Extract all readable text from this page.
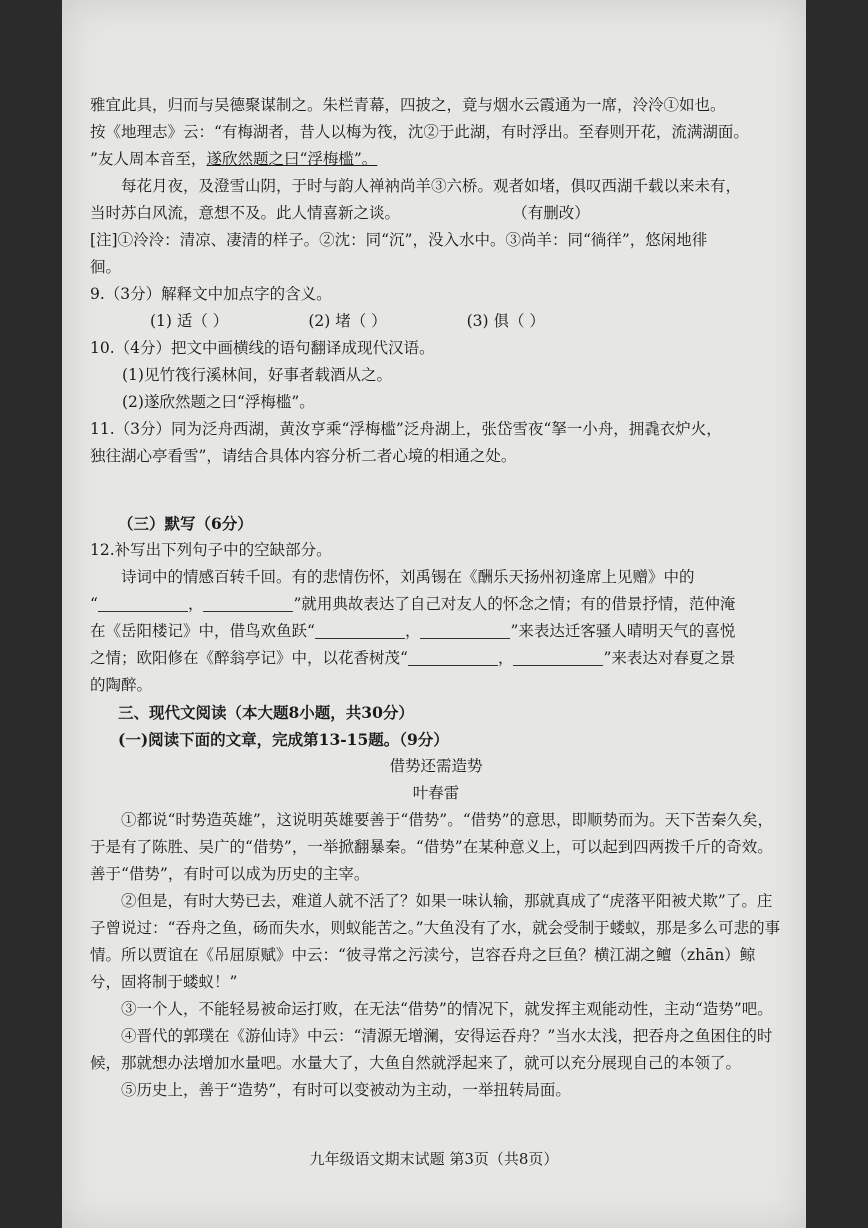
雅宜此具，归而与吴德聚谋制之。朱栏青幕，四披之，竟与烟水云霞通为一席，泠泠①如也。

按《地理志》云：“有梅湖者，昔人以梅为筏，沈②于此湖，有时浮出。至春则开花，流满湖面。

”友人周本音至，遂欣然题之曰“浮梅槛”。

每花月夜，及澄雪山阴，于时与韵人禅衲尚羊③六桥。观者如堵，俱叹西湖千载以来未有，

当时苏白风流，意想不及。此人情喜新之谈。	（有删改）

[注]①泠泠：清凉、凄清的样子。②沈：同“沉”，没入水中。③尚羊：同“徜徉”，悠闲地徘

徊。

9.（3分）解释文中加点字的含义。

(1) 适（ ）	(2) 堵（ ）	(3) 俱（ ）

10.（4分）把文中画横线的语句翻译成现代汉语。

(1)见竹筏行溪林间，好事者载酒从之。

(2)遂欣然题之曰“浮梅槛”。

11.（3分）同为泛舟西湖，黄汝亨乘“浮梅槛”泛舟湖上，张岱雪夜“拏一小舟，拥毳衣炉火，

独往湖心亭看雪”，请结合具体内容分析二者心境的相通之处。

（三）默写（6分）

12.补写出下列句子中的空缺部分。

诗词中的情感百转千回。有的悲情伤怀，刘禹锡在《酬乐天扬州初逢席上见赠》中的

“	，	”就用典故表达了自己对友人的怀念之情；有的借景抒情，范仲淹

在《岳阳楼记》中，借鸟欢鱼跃“	，	”来表达迁客骚人晴明天气的喜悦

之情；欧阳修在《醉翁亭记》中，以花香树茂“	，	”来表达对春夏之景

的陶醉。

三、现代文阅读（本大题8小题，共30分）

(一)阅读下面的文章，完成第13-15题。（9分）

借势还需造势

叶春雷

①都说“时势造英雄”，这说明英雄要善于“借势”。“借势”的意思，即顺势而为。天下苦秦久矣，于是有了陈胜、吴广的“借势”，一举掀翻暴秦。“借势”在某种意义上，可以起到四两拨千斤的奇效。善于“借势”，有时可以成为历史的主宰。

②但是，有时大势已去，难道人就不活了？如果一味认输，那就真成了“虎落平阳被犬欺”了。庄子曾说过：“吞舟之鱼，砀而失水，则蚁能苦之。”大鱼没有了水，就会受制于蝼蚁，那是多么可悲的事情。所以贾谊在《吊屈原赋》中云：“彼寻常之污渎兮，岂容吞舟之巨鱼？横江湖之鳣（zhān）鲸兮，固将制于蝼蚁！”

③一个人，不能轻易被命运打败，在无法“借势”的情况下，就发挥主观能动性，主动“造势”吧。

④晋代的郭璞在《游仙诗》中云：“清源无增澜，安得运吞舟？”当水太浅，把吞舟之鱼困住的时候，那就想办法增加水量吧。水量大了，大鱼自然就浮起来了，就可以充分展现自己的本领了。

⑤历史上，善于“造势”，有时可以变被动为主动，一举扭转局面。

九年级语文期末试题 第3页（共8页）
